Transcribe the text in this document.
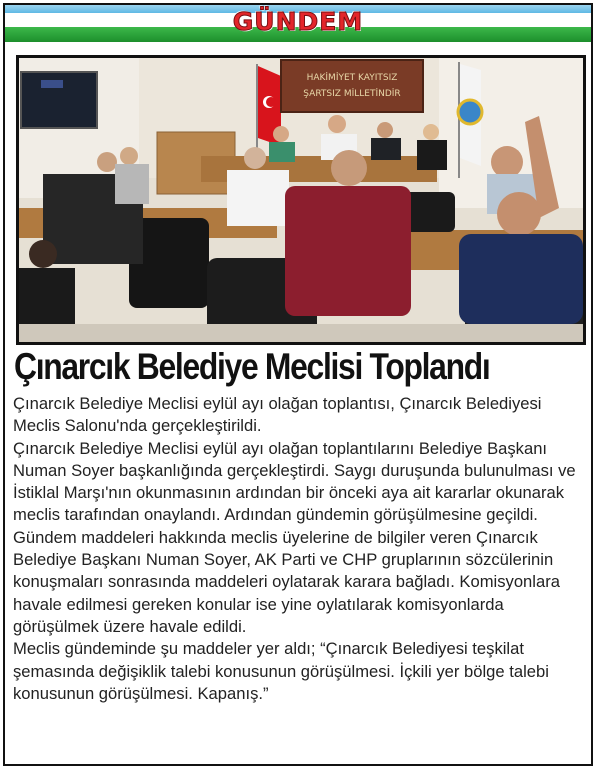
GÜNDEM
HAKİMİYET KAYITSIZ
ŞARTSIZ MİLLETİNDİR
Çınarcık Belediye Meclisi Toplandı

Çınarcık Belediye Meclisi eylül ayı olağan toplantısı, Çınarcık Belediyesi Meclis Salonu'nda gerçekleştirildi.

Çınarcık Belediye Meclisi eylül ayı olağan toplantılarını Belediye Başkanı Numan Soyer başkanlığında gerçekleştirdi. Saygı duruşunda bulunulması ve İstiklal Marşı'nın okunmasının ardından bir önceki aya ait kararlar okunarak meclis tarafından onaylandı. Ardından gündemin görüşülmesine geçildi. Gündem maddeleri hakkında meclis üyelerine de bilgiler veren Çınarcık Belediye Başkanı Numan Soyer, AK Parti ve CHP gruplarının sözcülerinin konuşmaları sonrasında maddeleri oylatarak karara bağladı. Komisyonlara havale edilmesi gereken konular ise yine oylatılarak komisyonlarda görüşülmek üzere havale edildi.

Meclis gündeminde şu maddeler yer aldı; “Çınarcık Belediyesi teşkilat şemasında değişiklik talebi konusunun görüşülmesi. İçkili yer bölge talebi konusunun görüşülmesi. Kapanış.”
